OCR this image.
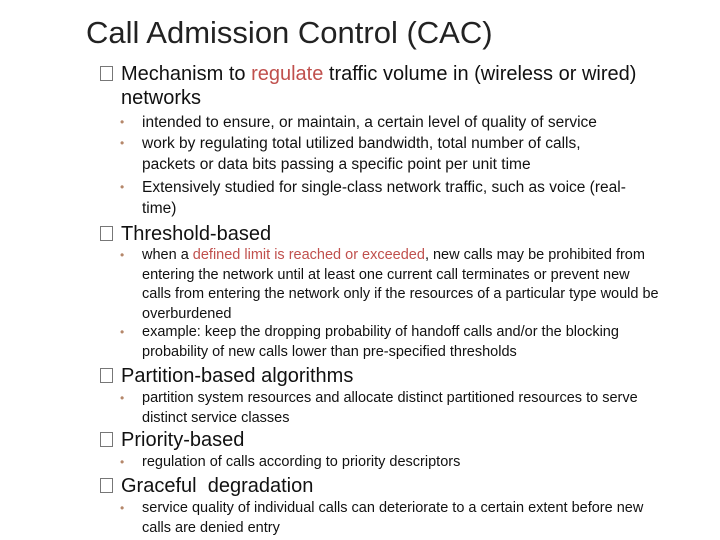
Call Admission Control (CAC)
Mechanism to regulate traffic volume in (wireless or wired)
networks
• intended to ensure, or maintain, a certain level of quality of service
• work by regulating total utilized bandwidth, total number of calls,
packets or data bits passing a specific point per unit time
• Extensively studied for single-class network traffic, such as voice (real-
time)
Threshold-based
• when a defined limit is reached or exceeded, new calls may be prohibited from
entering the network until at least one current call terminates or prevent new
calls from entering the network only if the resources of a particular type would be
overburdened
• example: keep the dropping probability of handoff calls and/or the blocking
probability of new calls lower than pre-specified thresholds
Partition-based algorithms
• partition system resources and allocate distinct partitioned resources to serve
distinct service classes
Priority-based
• regulation of calls according to priority descriptors
Graceful  degradation
• service quality of individual calls can deteriorate to a certain extent before new
calls are denied entry
